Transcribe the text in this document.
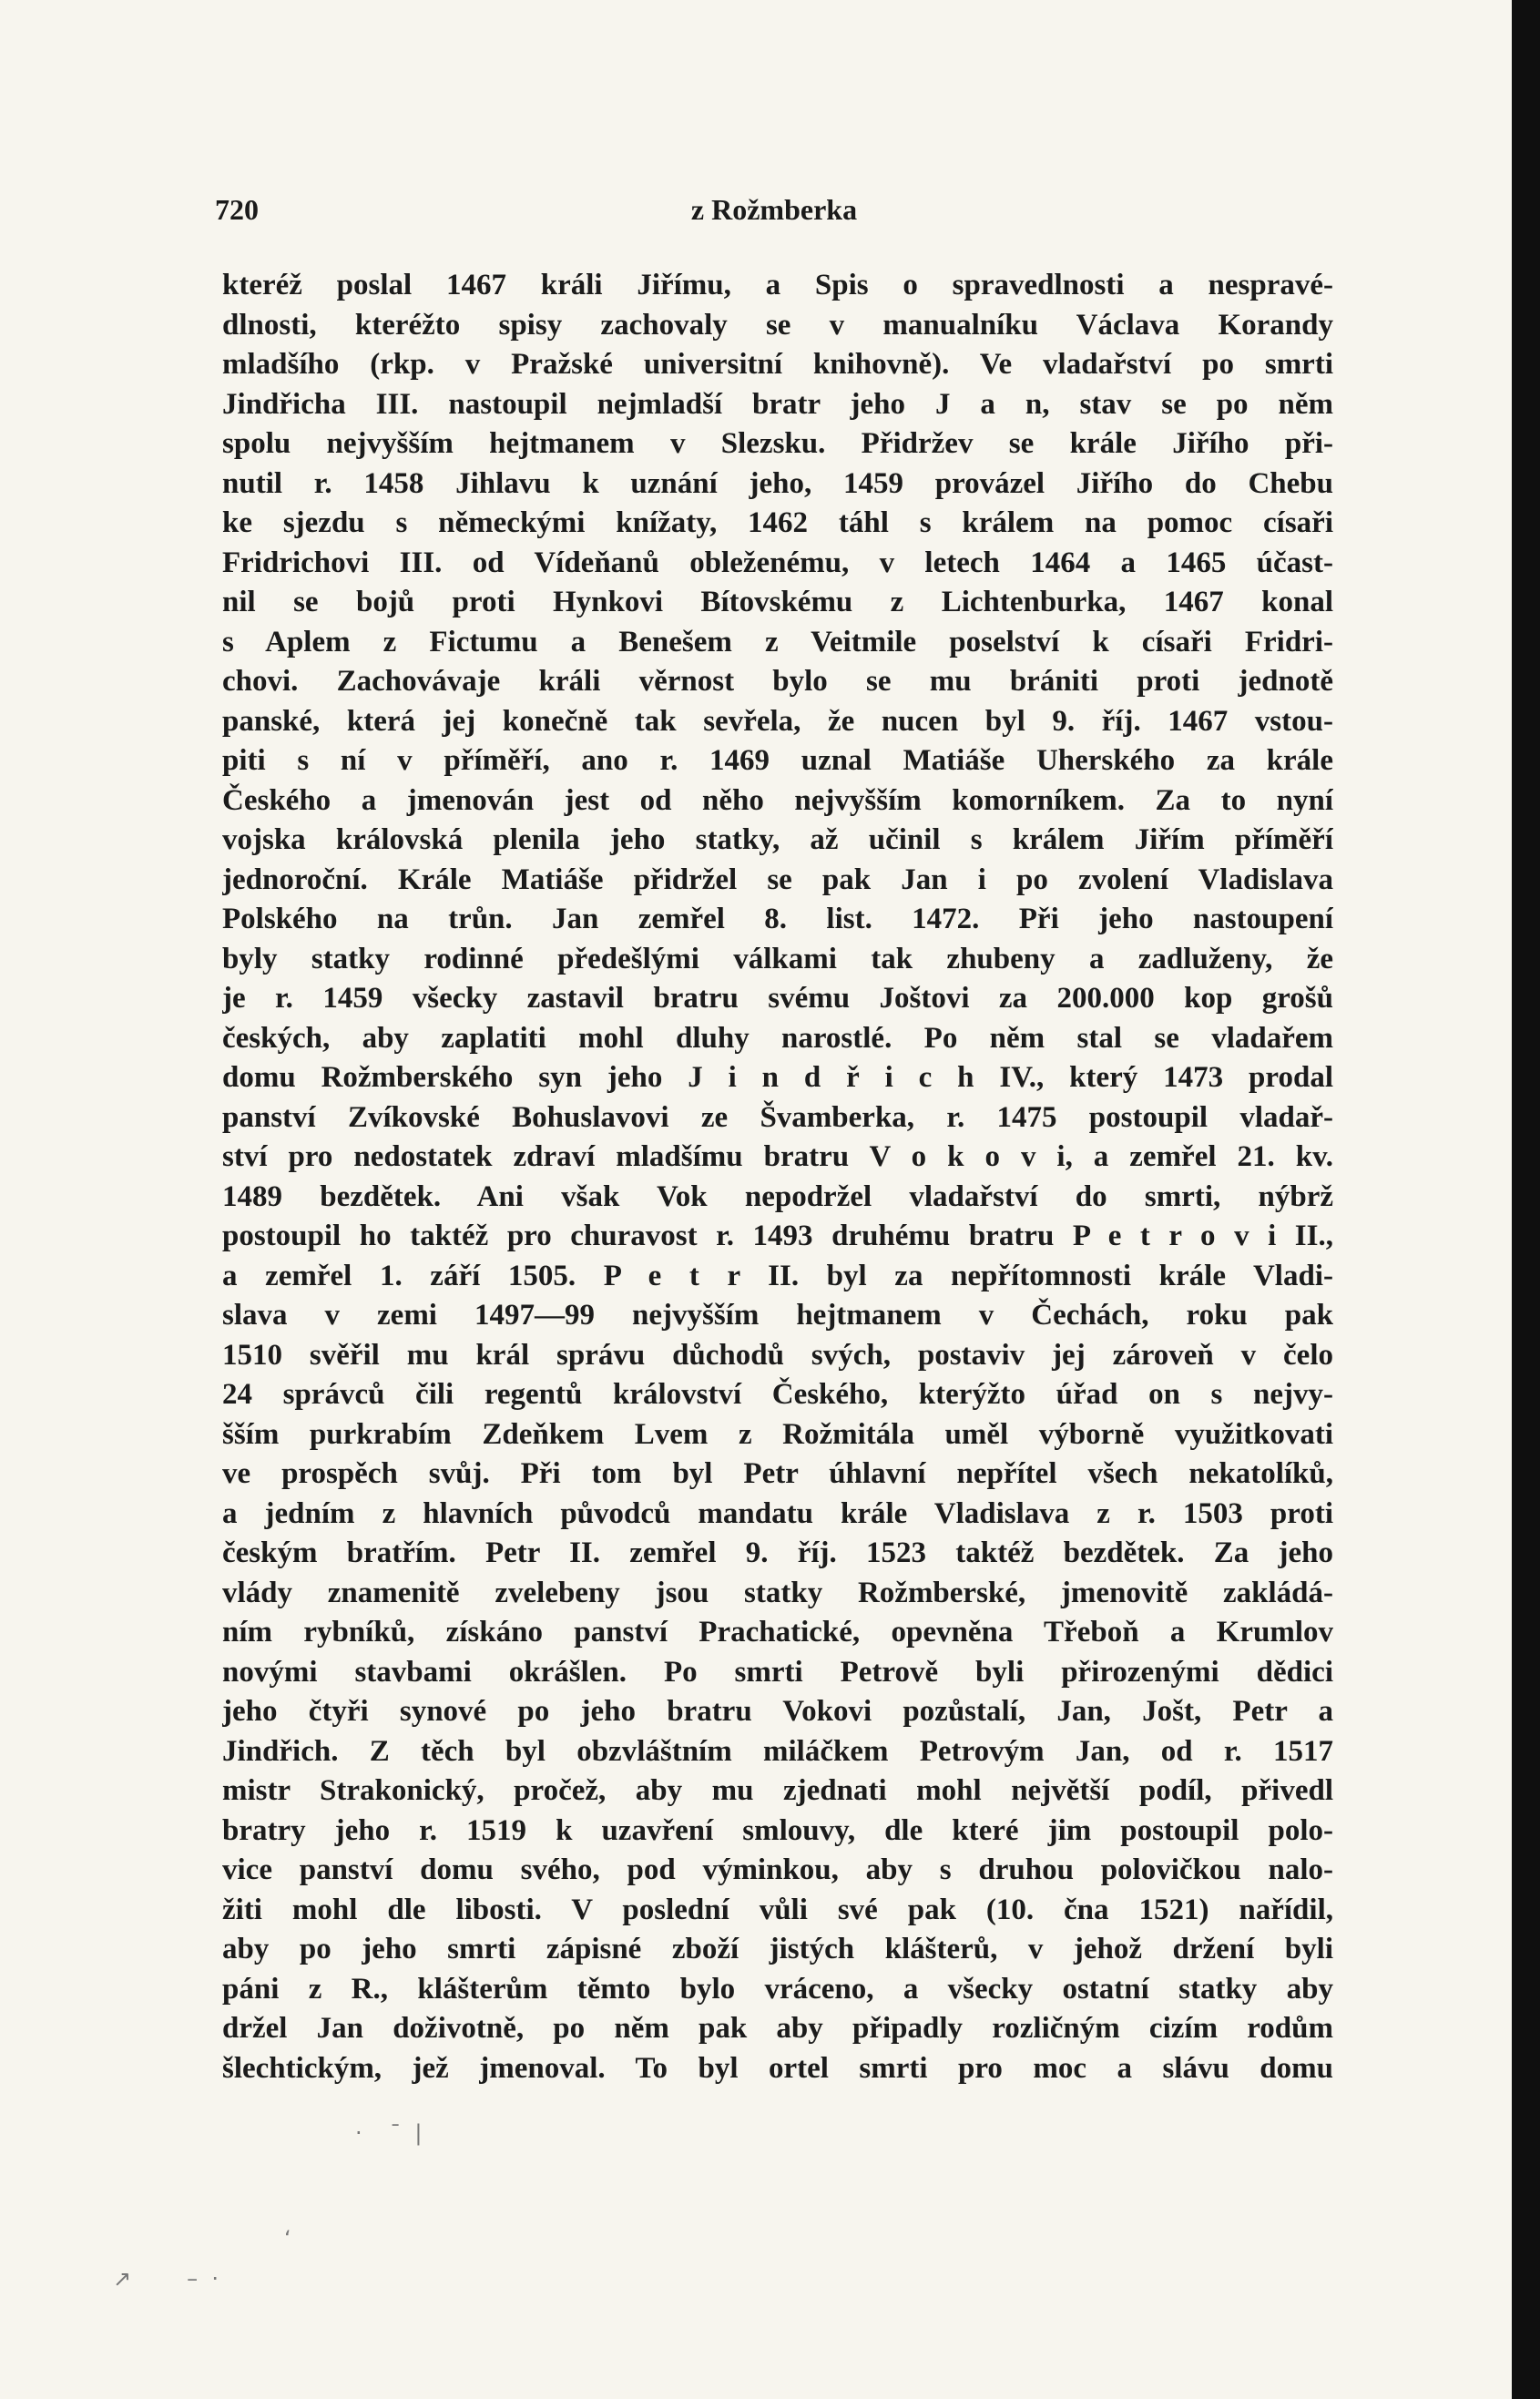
720	z Rožmberka
kteréž poslal 1467 králi Jiřímu, a Spis o spravedlnosti a nespravé-
dlnosti, kteréžto spisy zachovaly se v manualníku Václava Korandy
mladšího (rkp. v Pražské universitní knihovně). Ve vladařství po smrti
Jindřicha III. nastoupil nejmladší bratr jeho J a n, stav se po něm
spolu nejvyšším hejtmanem v Slezsku. Přidržev se krále Jiřího při-
nutil r. 1458 Jihlavu k uznání jeho, 1459 provázel Jiřího do Chebu
ke sjezdu s německými knížaty, 1462 táhl s králem na pomoc císaři
Fridrichovi III. od Vídeňanů obleženému, v letech 1464 a 1465 účast-
nil se bojů proti Hynkovi Bítovskému z Lichtenburka, 1467 konal
s Aplem z Fictumu a Benešem z Veitmile poselství k císaři Fridri-
chovi. Zachovávaje králi věrnost bylo se mu brániti proti jednotě
panské, která jej konečně tak sevřela, že nucen byl 9. říj. 1467 vstou-
piti s ní v příměří, ano r. 1469 uznal Matiáše Uherského za krále
Českého a jmenován jest od něho nejvyšším komorníkem. Za to nyní
vojska královská plenila jeho statky, až učinil s králem Jiřím příměří
jednoroční. Krále Matiáše přidržel se pak Jan i po zvolení Vladislava
Polského na trůn. Jan zemřel 8. list. 1472. Při jeho nastoupení
byly statky rodinné předešlými válkami tak zhubeny a zadluženy, že
je r. 1459 všecky zastavil bratru svému Joštovi za 200.000 kop grošů
českých, aby zaplatiti mohl dluhy narostlé. Po něm stal se vladařem
domu Rožmberského syn jeho J i n d ř i c h IV., který 1473 prodal
panství Zvíkovské Bohuslavovi ze Švamberka, r. 1475 postoupil vladař-
ství pro nedostatek zdraví mladšímu bratru V o k o v i, a zemřel 21. kv.
1489 bezdětek. Ani však Vok nepodržel vladařství do smrti, nýbrž
postoupil ho taktéž pro churavost r. 1493 druhému bratru P e t r o v i II.,
a zemřel 1. září 1505. P e t r II. byl za nepřítomnosti krále Vladi-
slava v zemi 1497—99 nejvyšším hejtmanem v Čechách, roku pak
1510 svěřil mu král správu důchodů svých, postaviv jej zároveň v čelo
24 správců čili regentů království Českého, kterýžto úřad on s nejvy-
šším purkrabím Zdeňkem Lvem z Rožmitála uměl výborně využitkovati
ve prospěch svůj. Při tom byl Petr úhlavní nepřítel všech nekatolíků,
a jedním z hlavních původců mandatu krále Vladislava z r. 1503 proti
českým bratřím. Petr II. zemřel 9. říj. 1523 taktéž bezdětek. Za jeho
vlády znamenitě zvelebeny jsou statky Rožmberské, jmenovitě zakládá-
ním rybníků, získáno panství Prachatické, opevněna Třeboň a Krumlov
novými stavbami okrášlen. Po smrti Petrově byli přirozenými dědici
jeho čtyři synové po jeho bratru Vokovi pozůstalí, Jan, Jošt, Petr a
Jindřich. Z těch byl obzvláštním miláčkem Petrovým Jan, od r. 1517
mistr Strakonický, pročež, aby mu zjednati mohl největší podíl, přivedl
bratry jeho r. 1519 k uzavření smlouvy, dle které jim postoupil polo-
vice panství domu svého, pod výminkou, aby s druhou polovičkou nalo-
žiti mohl dle libosti. V poslední vůli své pak (10. čna 1521) nařídil,
aby po jeho smrti zápisné zboží jistých klášterů, v jehož držení byli
páni z R., klášterům těmto bylo vráceno, a všecky ostatní statky aby
držel Jan doživotně, po něm pak aby připadly rozličným cizím rodům
šlechtickým, jež jmenoval. To byl ortel smrti pro moc a slávu domu
·    ¯  |
‘
↗        –  ·
